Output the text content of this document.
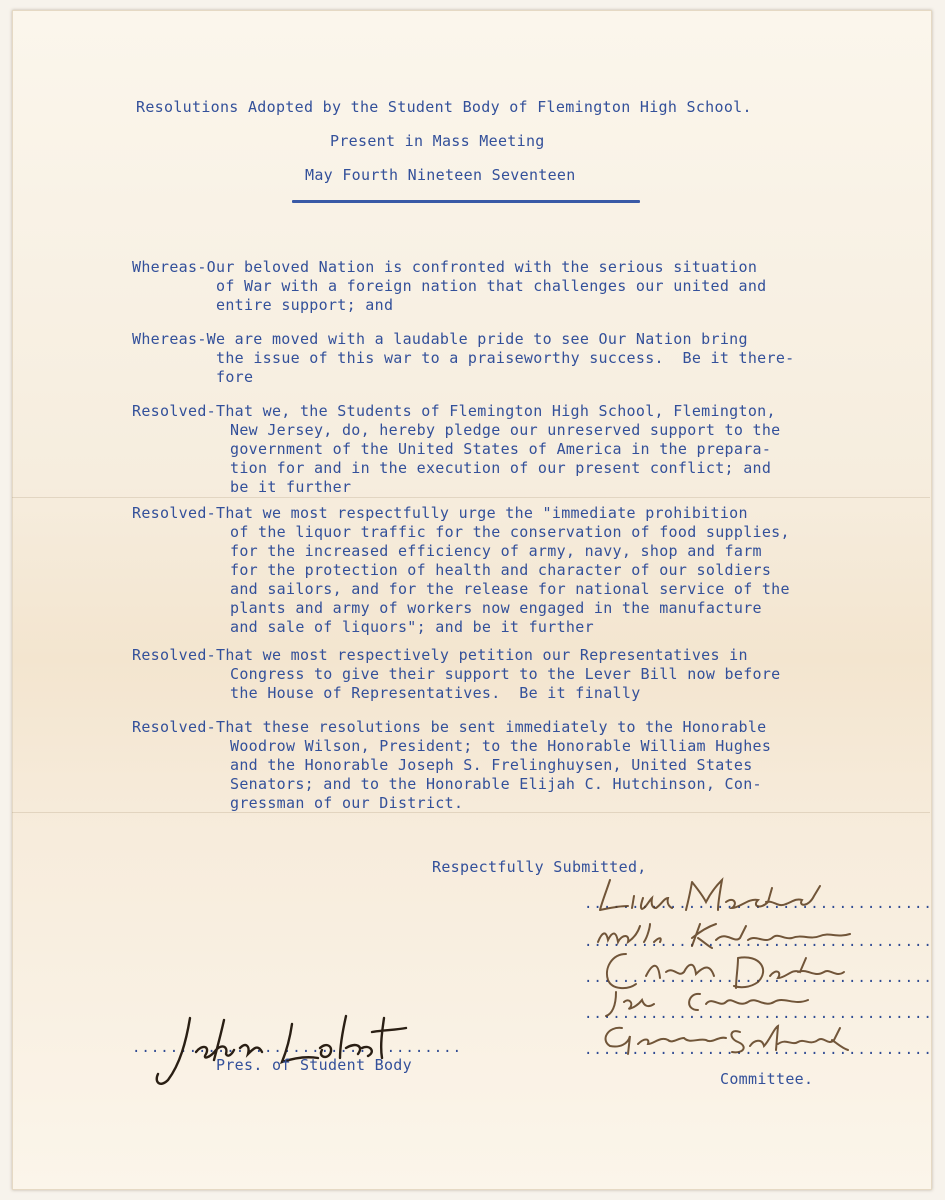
Resolutions Adopted by the Student Body of Flemington High School.
Present in Mass Meeting
May Fourth Nineteen Seventeen
Whereas-Our beloved Nation is confronted with the serious situation
of War with a foreign nation that challenges our united and
entire support; and
Whereas-We are moved with a laudable pride to see Our Nation bring
the issue of this war to a praiseworthy success.  Be it there-
fore
Resolved-That we, the Students of Flemington High School, Flemington,
New Jersey, do, hereby pledge our unreserved support to the
government of the United States of America in the prepara-
tion for and in the execution of our present conflict; and
be it further
Resolved-That we most respectfully urge the "immediate prohibition
of the liquor traffic for the conservation of food supplies,
for the increased efficiency of army, navy, shop and farm
for the protection of health and character of our soldiers
and sailors, and for the release for national service of the
plants and army of workers now engaged in the manufacture
and sale of liquors"; and be it further
Resolved-That we most respectively petition our Representatives in
Congress to give their support to the Lever Bill now before
the House of Representatives.  Be it finally
Resolved-That these resolutions be sent immediately to the Honorable
Woodrow Wilson, President; to the Honorable William Hughes
and the Honorable Joseph S. Frelinghuysen, United States
Senators; and to the Honorable Elijah C. Hutchinson, Con-
gressman of our District.
Respectfully Submitted,
.....................................
.....................................
.....................................
.....................................
.....................................
Committee.
...................................
Pres. of Student Body
